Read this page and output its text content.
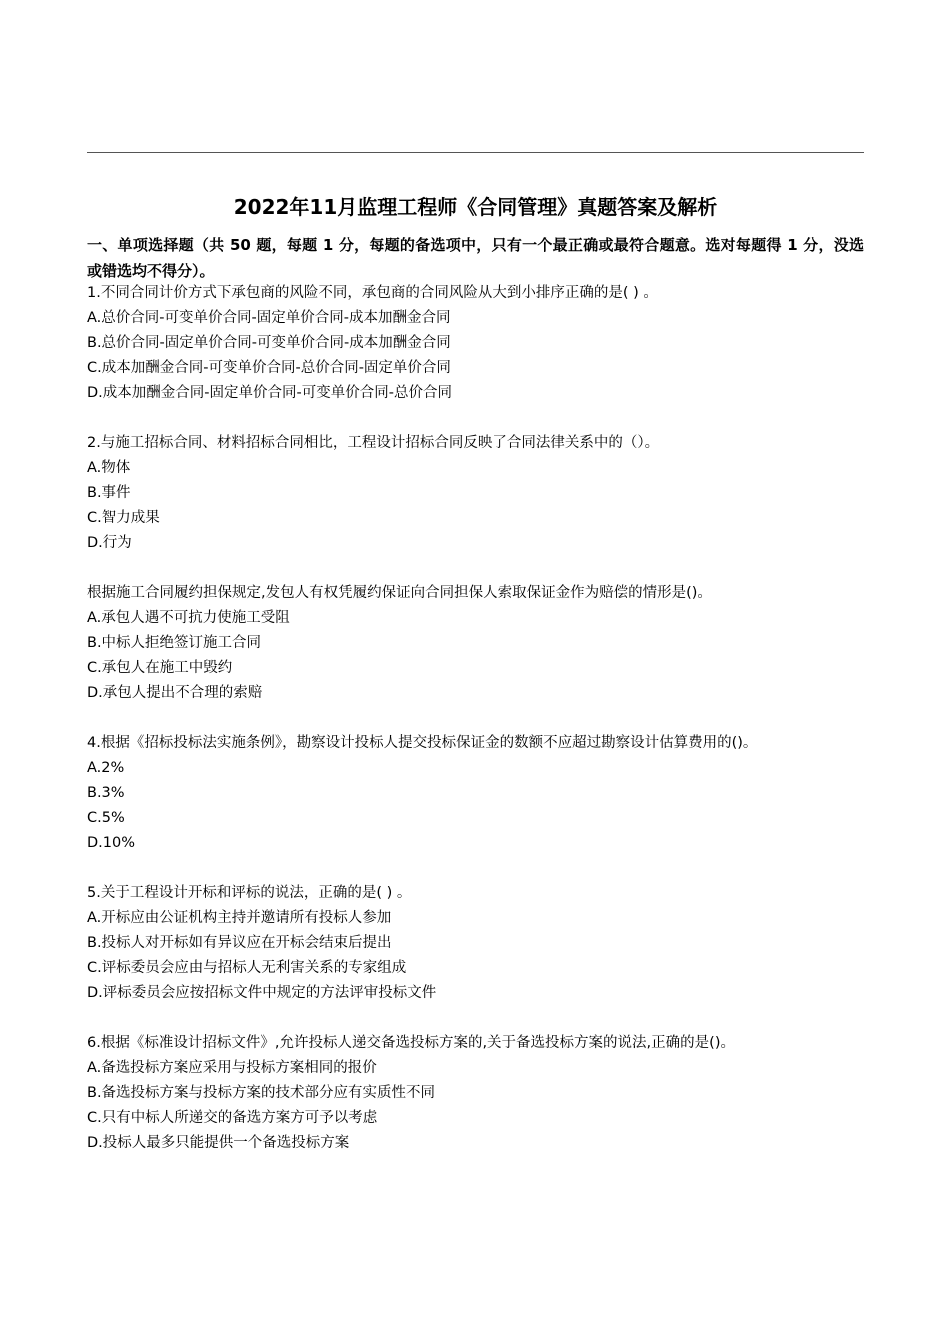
2022年11月监理工程师《合同管理》真题答案及解析
一、单项选择题（共 50 题，每题 1 分，每题的备选项中，只有一个最正确或最符合题意。选对每题得 1 分，没选或错选均不得分）。
1.不同合同计价方式下承包商的风险不同，承包商的合同风险从大到小排序正确的是( ) 。
A.总价合同-可变单价合同-固定单价合同-成本加酬金合同
B.总价合同-固定单价合同-可变单价合同-成本加酬金合同
C.成本加酬金合同-可变单价合同-总价合同-固定单价合同
D.成本加酬金合同-固定单价合同-可变单价合同-总价合同
2.与施工招标合同、材料招标合同相比，工程设计招标合同反映了合同法律关系中的（）。
A.物体
B.事件
C.智力成果
D.行为
根据施工合同履约担保规定,发包人有权凭履约保证向合同担保人索取保证金作为赔偿的情形是()。
A.承包人遇不可抗力使施工受阻
B.中标人拒绝签订施工合同
C.承包人在施工中毁约
D.承包人提出不合理的索赔
4.根据《招标投标法实施条例》，勘察设计投标人提交投标保证金的数额不应超过勘察设计估算费用的()。
A.2%
B.3%
C.5%
D.10%
5.关于工程设计开标和评标的说法，正确的是( ) 。
A.开标应由公证机构主持并邀请所有投标人参加
B.投标人对开标如有异议应在开标会结束后提出
C.评标委员会应由与招标人无利害关系的专家组成
D.评标委员会应按招标文件中规定的方法评审投标文件
6.根据《标准设计招标文件》,允许投标人递交备选投标方案的,关于备选投标方案的说法,正确的是()。
A.备选投标方案应采用与投标方案相同的报价
B.备选投标方案与投标方案的技术部分应有实质性不同
C.只有中标人所递交的备选方案方可予以考虑
D.投标人最多只能提供一个备选投标方案
